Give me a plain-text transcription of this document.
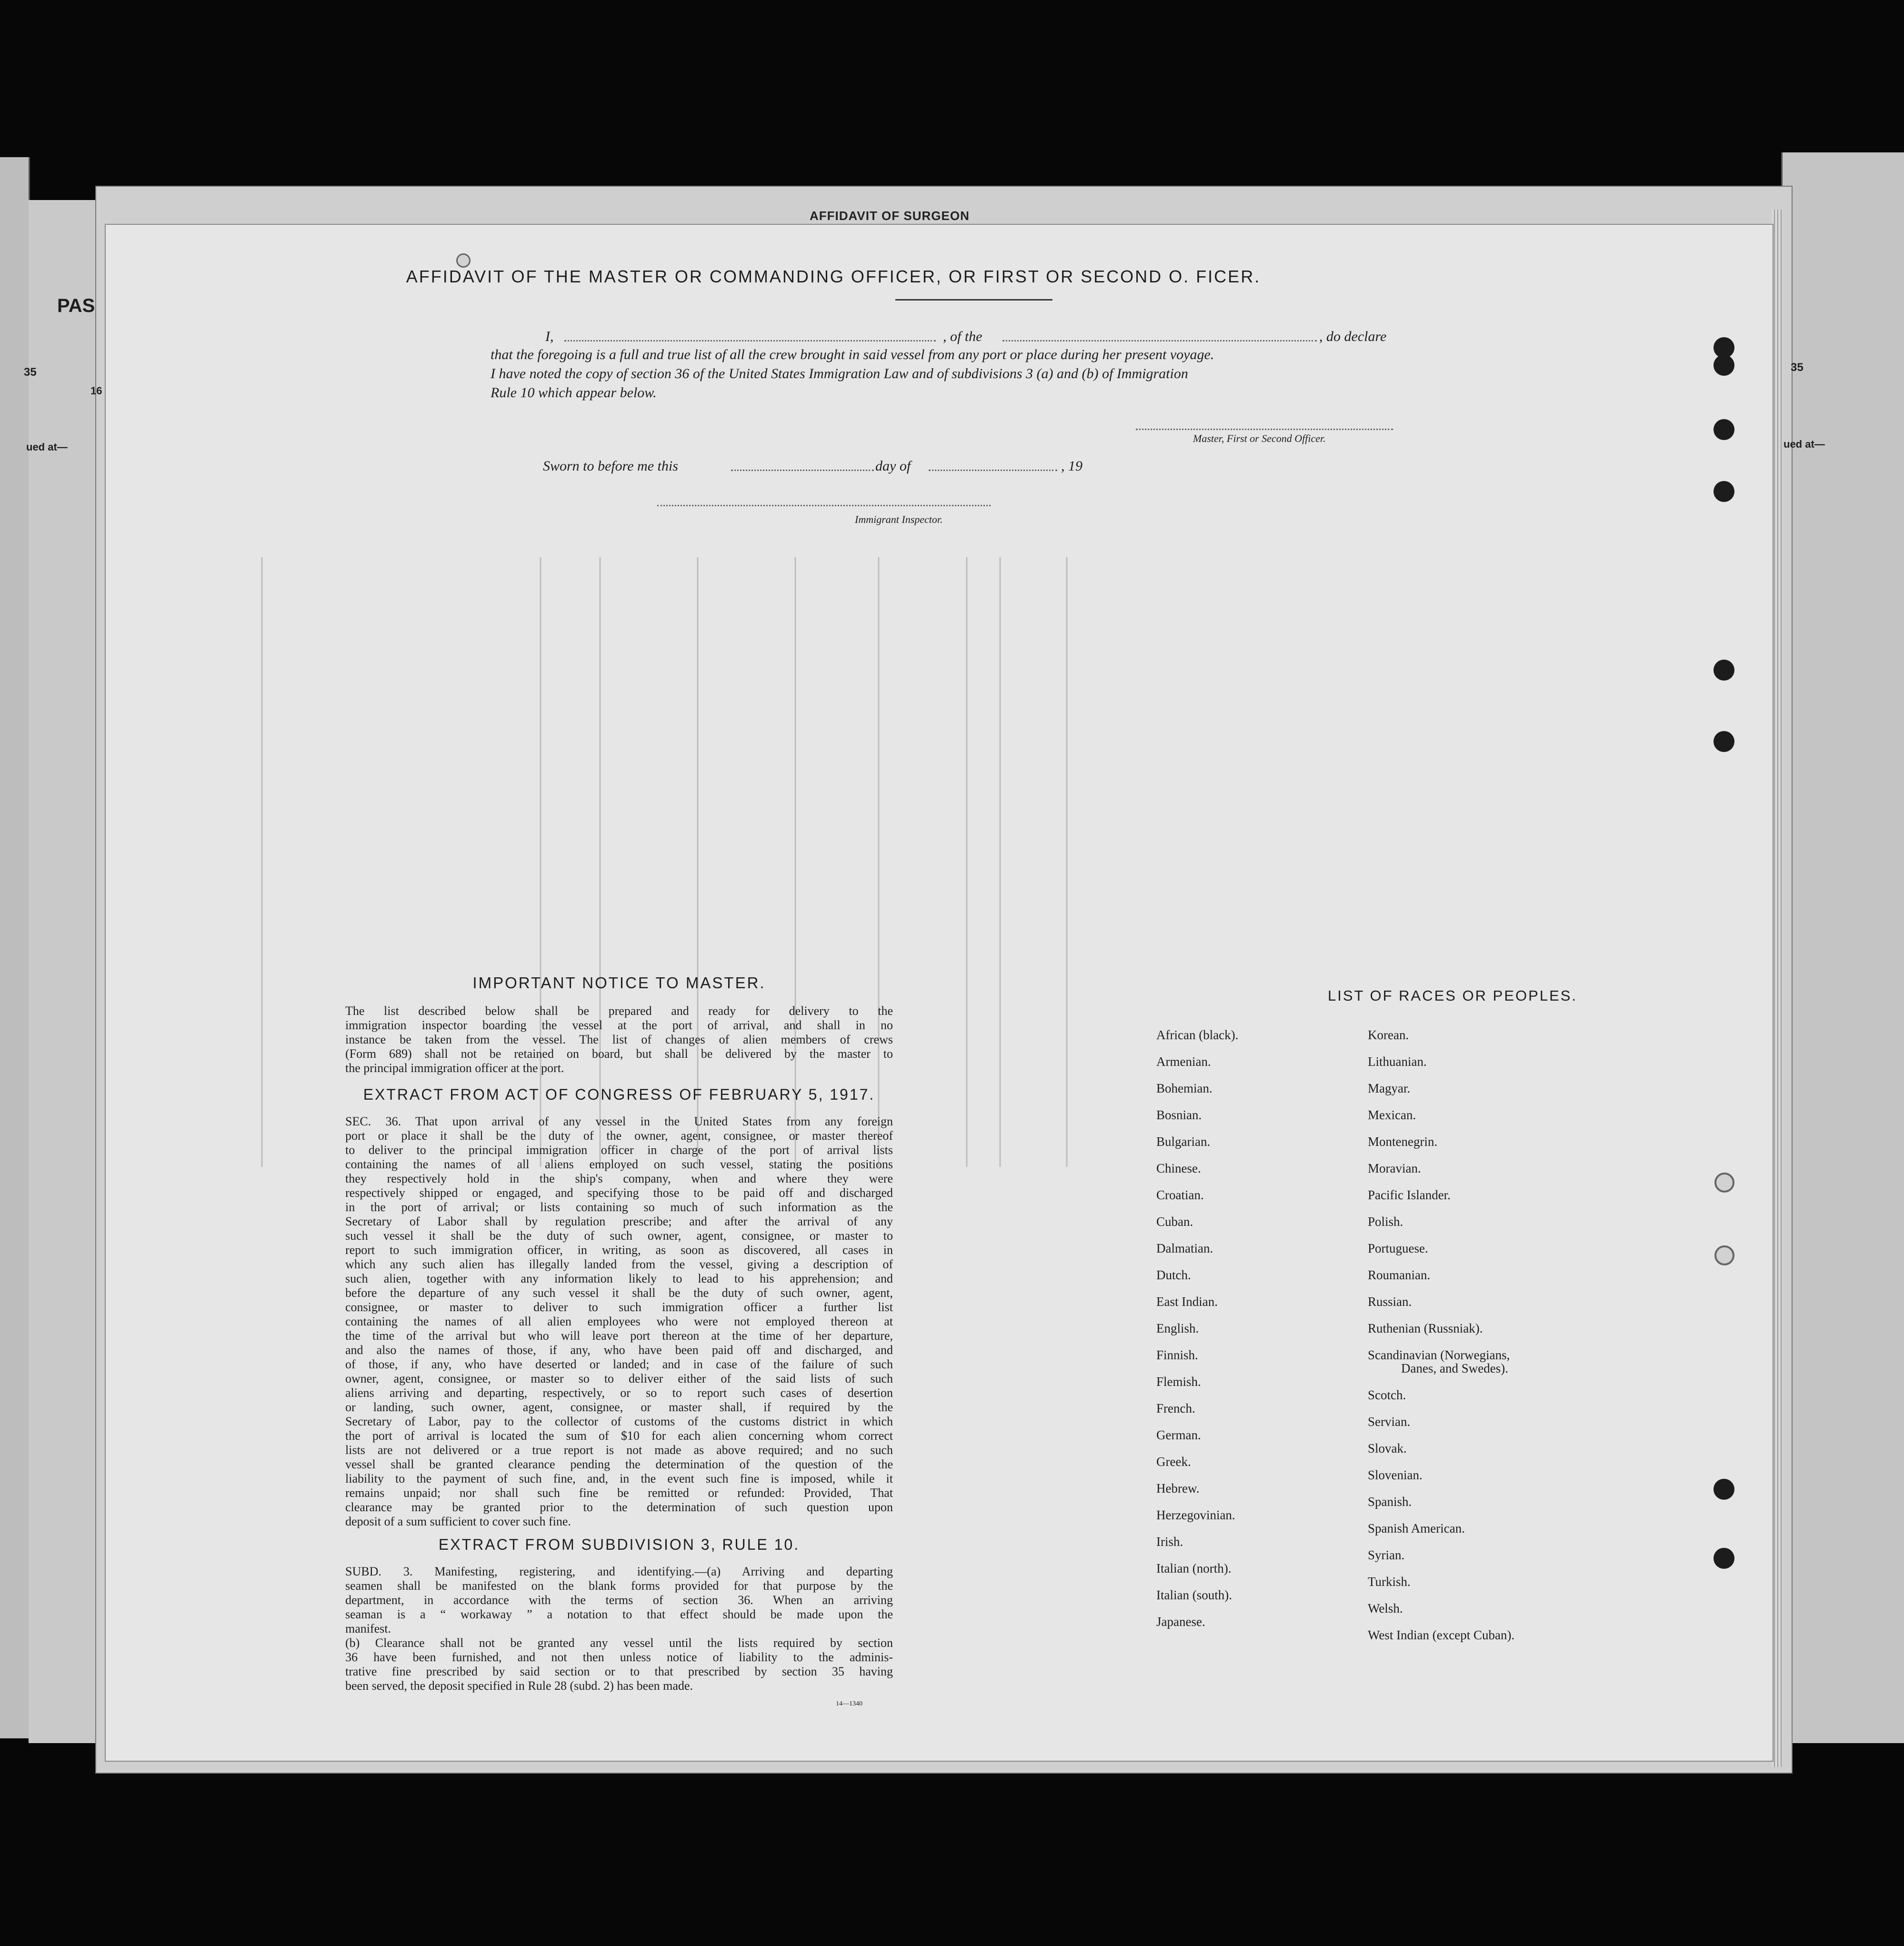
AFFIDAVIT OF SURGEON
PAS
35
16
ued at—
35
ued at—
AFFIDAVIT OF THE MASTER OR COMMANDING OFFICER, OR FIRST OR SECOND O. FICER.
I,	, of the	, do declare
that the foregoing is a full and true list of all the crew brought in said vessel from any port or place during her present voyage.
I have noted the copy of section 36 of the United States Immigration Law and of subdivisions 3 (a) and (b) of Immigration
Rule 10 which appear below.
Master, First or Second Officer.
Sworn to before me this	day of	, 19
Immigrant Inspector.
IMPORTANT NOTICE TO MASTER.
The list described below shall be prepared and ready for delivery to the
immigration inspector boarding the vessel at the port of arrival, and shall in no
instance be taken from the vessel. The list of changes of alien members of crews
(Form 689) shall not be retained on board, but shall be delivered by the master to
the principal immigration officer at the port.
EXTRACT FROM ACT OF CONGRESS OF FEBRUARY 5, 1917.
SEC. 36. That upon arrival of any vessel in the United States from any foreign
port or place it shall be the duty of the owner, agent, consignee, or master thereof
to deliver to the principal immigration officer in charge of the port of arrival lists
containing the names of all aliens employed on such vessel, stating the positions
they respectively hold in the ship's company, when and where they were
respectively shipped or engaged, and specifying those to be paid off and discharged
in the port of arrival; or lists containing so much of such information as the
Secretary of Labor shall by regulation prescribe; and after the arrival of any
such vessel it shall be the duty of such owner, agent, consignee, or master to
report to such immigration officer, in writing, as soon as discovered, all cases in
which any such alien has illegally landed from the vessel, giving a description of
such alien, together with any information likely to lead to his apprehension; and
before the departure of any such vessel it shall be the duty of such owner, agent,
consignee, or master to deliver to such immigration officer a further list
containing the names of all alien employees who were not employed thereon at
the time of the arrival but who will leave port thereon at the time of her departure,
and also the names of those, if any, who have been paid off and discharged, and
of those, if any, who have deserted or landed; and in case of the failure of such
owner, agent, consignee, or master so to deliver either of the said lists of such
aliens arriving and departing, respectively, or so to report such cases of desertion
or landing, such owner, agent, consignee, or master shall, if required by the
Secretary of Labor, pay to the collector of customs of the customs district in which
the port of arrival is located the sum of $10 for each alien concerning whom correct
lists are not delivered or a true report is not made as above required; and no such
vessel shall be granted clearance pending the determination of the question of the
liability to the payment of such fine, and, in the event such fine is imposed, while it
remains unpaid; nor shall such fine be remitted or refunded: Provided, That
clearance may be granted prior to the determination of such question upon
deposit of a sum sufficient to cover such fine.
EXTRACT FROM SUBDIVISION 3, RULE 10.
SUBD. 3. Manifesting, registering, and identifying.—(a) Arriving and departing
seamen shall be manifested on the blank forms provided for that purpose by the
department, in accordance with the terms of section 36. When an arriving
seaman is a “ workaway ” a notation to that effect should be made upon the
manifest.
(b) Clearance shall not be granted any vessel until the lists required by section
36 have been furnished, and not then unless notice of liability to the adminis-
trative fine prescribed by said section or to that prescribed by section 35 having
been served, the deposit specified in Rule 28 (subd. 2) has been made.
14—1340
LIST OF RACES OR PEOPLES.
African (black).
Armenian.
Bohemian.
Bosnian.
Bulgarian.
Chinese.
Croatian.
Cuban.
Dalmatian.
Dutch.
East Indian.
English.
Finnish.
Flemish.
French.
German.
Greek.
Hebrew.
Herzegovinian.
Irish.
Italian (north).
Italian (south).
Japanese.
Korean.
Lithuanian.
Magyar.
Mexican.
Montenegrin.
Moravian.
Pacific Islander.
Polish.
Portuguese.
Roumanian.
Russian.
Ruthenian (Russniak).
Scandinavian (Norwegians,
Danes, and Swedes).
Scotch.
Servian.
Slovak.
Slovenian.
Spanish.
Spanish American.
Syrian.
Turkish.
Welsh.
West Indian (except Cuban).
